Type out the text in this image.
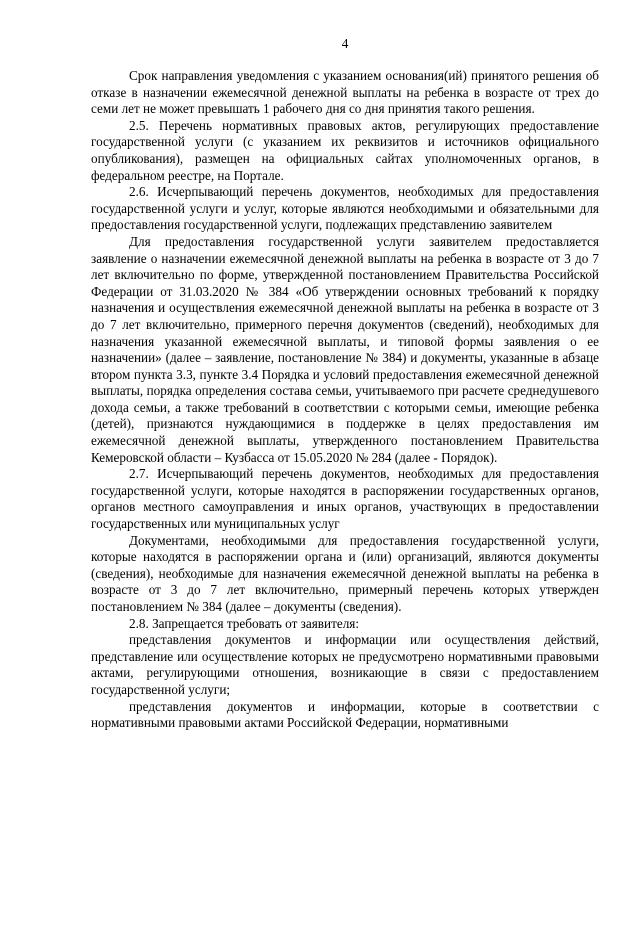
4

Срок направления уведомления с указанием основания(ий) принятого решения об отказе в назначении ежемесячной денежной выплаты на ребенка в возрасте от трех до семи лет не может превышать 1 рабочего дня со дня принятия такого решения.

2.5. Перечень нормативных правовых актов, регулирующих предоставление государственной услуги (с указанием их реквизитов и источников официального опубликования), размещен на официальных сайтах уполномоченных органов, в федеральном реестре, на Портале.

2.6. Исчерпывающий перечень документов, необходимых для предоставления государственной услуги и услуг, которые являются необходимыми и обязательными для предоставления государственной услуги, подлежащих представлению заявителем

Для предоставления государственной услуги заявителем предоставляется заявление о назначении ежемесячной денежной выплаты на ребенка в возрасте от 3 до 7 лет включительно по форме, утвержденной постановлением Правительства Российской Федерации от 31.03.2020 № 384 «Об утверждении основных требований к порядку назначения и осуществления ежемесячной денежной выплаты на ребенка в возрасте от 3 до 7 лет включительно, примерного перечня документов (сведений), необходимых для назначения указанной ежемесячной выплаты, и типовой формы заявления о ее назначении» (далее – заявление, постановление № 384) и документы, указанные в абзаце втором пункта 3.3, пункте 3.4 Порядка и условий предоставления ежемесячной денежной выплаты, порядка определения состава семьи, учитываемого при расчете среднедушевого дохода семьи, а также требований в соответствии с которыми семьи, имеющие ребенка (детей), признаются нуждающимися в поддержке в целях предоставления им ежемесячной денежной выплаты, утвержденного постановлением Правительства Кемеровской области – Кузбасса от 15.05.2020 № 284 (далее - Порядок).

2.7. Исчерпывающий перечень документов, необходимых для предоставления государственной услуги, которые находятся в распоряжении государственных органов, органов местного самоуправления и иных органов, участвующих в предоставлении государственных или муниципальных услуг

Документами, необходимыми для предоставления государственной услуги, которые находятся в распоряжении органа и (или) организаций, являются документы (сведения), необходимые для назначения ежемесячной денежной выплаты на ребенка в возрасте от 3 до 7 лет включительно, примерный перечень которых утвержден постановлением № 384 (далее – документы (сведения).

2.8. Запрещается требовать от заявителя:

представления документов и информации или осуществления действий, представление или осуществление которых не предусмотрено нормативными правовыми актами, регулирующими отношения, возникающие в связи с предоставлением государственной услуги;

представления документов и информации, которые в соответствии с нормативными правовыми актами Российской Федерации, нормативными
